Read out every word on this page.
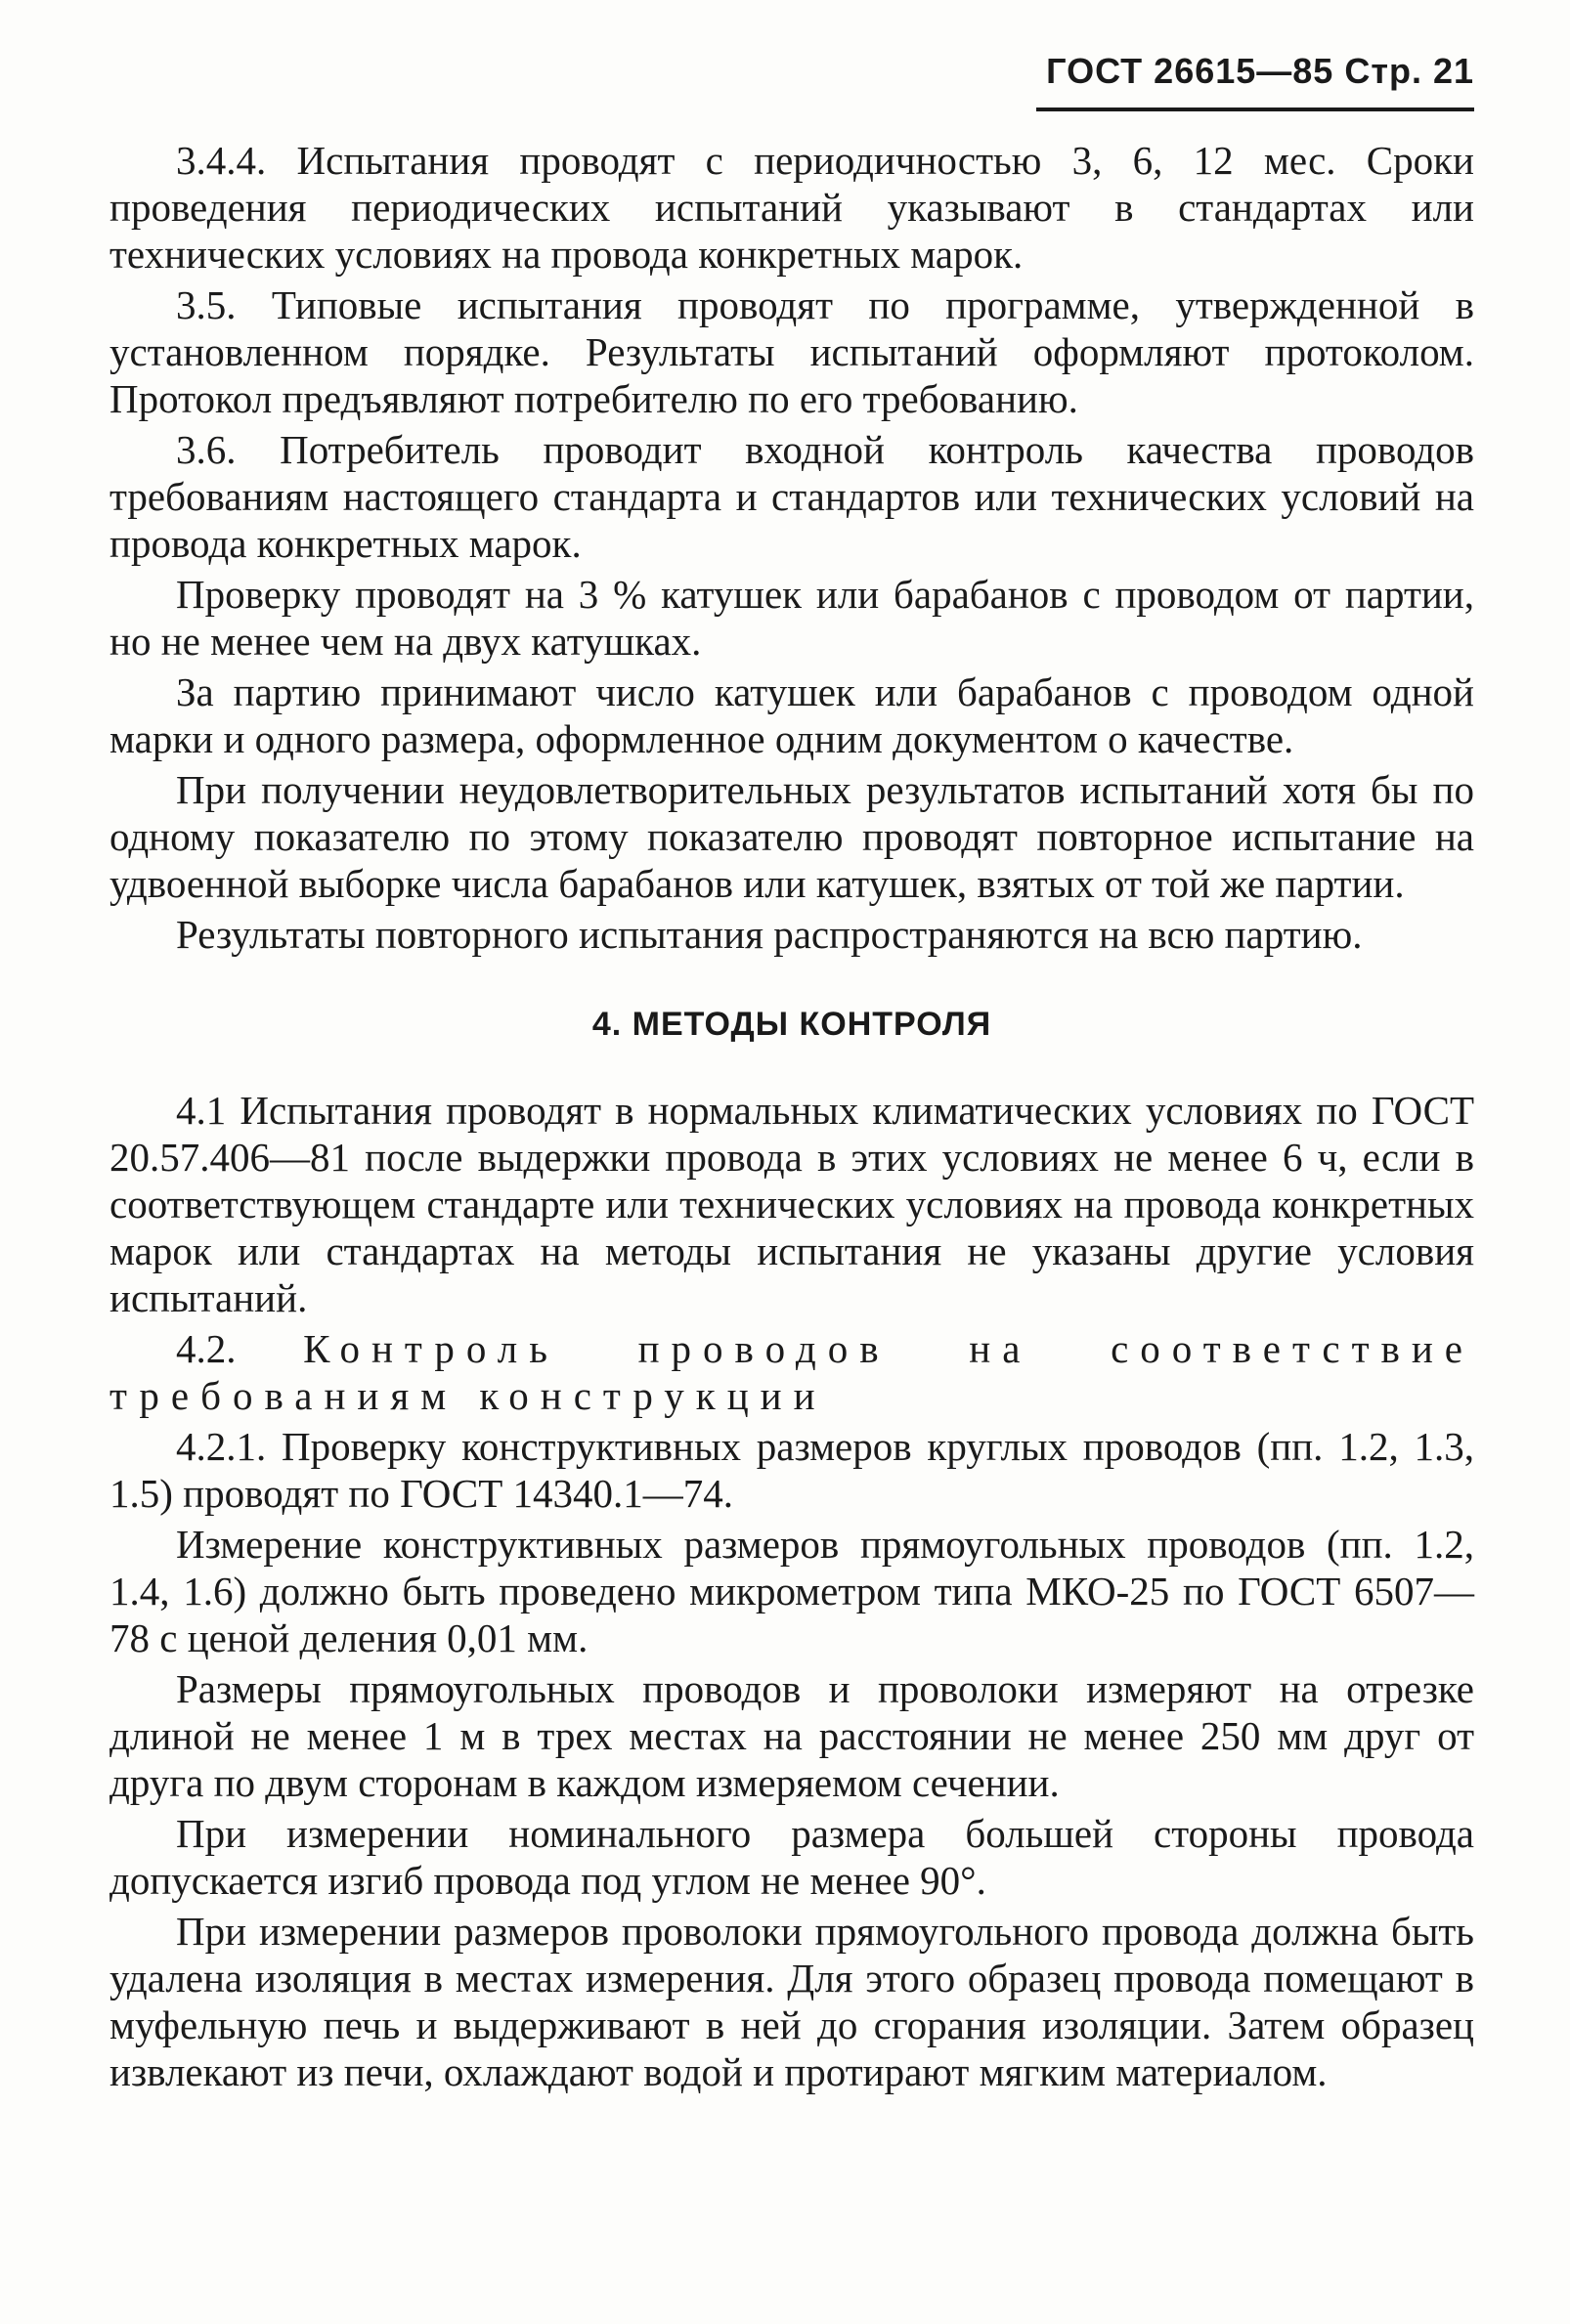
ГОСТ 26615—85 Стр. 21

3.4.4. Испытания проводят с периодичностью 3, 6, 12 мес. Сроки проведения периодических испытаний указывают в стандартах или технических условиях на провода конкретных марок.

3.5. Типовые испытания проводят по программе, утвержденной в установленном порядке. Результаты испытаний оформляют протоколом. Протокол предъявляют потребителю по его требованию.

3.6. Потребитель проводит входной контроль качества проводов требованиям настоящего стандарта и стандартов или технических условий на провода конкретных марок.

Проверку проводят на 3 % катушек или барабанов с проводом от партии, но не менее чем на двух катушках.

За партию принимают число катушек или барабанов с проводом одной марки и одного размера, оформленное одним документом о качестве.

При получении неудовлетворительных результатов испытаний хотя бы по одному показателю по этому показателю проводят повторное испытание на удвоенной выборке числа барабанов или катушек, взятых от той же партии.

Результаты повторного испытания распространяются на всю партию.

4. МЕТОДЫ КОНТРОЛЯ

4.1 Испытания проводят в нормальных климатических условиях по ГОСТ 20.57.406—81 после выдержки провода в этих условиях не менее 6 ч, если в соответствующем стандарте или технических условиях на провода конкретных марок или стандартах на методы испытания не указаны другие условия испытаний.

4.2. Контроль проводов на соответствие требованиям конструкции

4.2.1. Проверку конструктивных размеров круглых проводов (пп. 1.2, 1.3, 1.5) проводят по ГОСТ 14340.1—74.

Измерение конструктивных размеров прямоугольных проводов (пп. 1.2, 1.4, 1.6) должно быть проведено микрометром типа МКО-25 по ГОСТ 6507—78 с ценой деления 0,01 мм.

Размеры прямоугольных проводов и проволоки измеряют на отрезке длиной не менее 1 м в трех местах на расстоянии не менее 250 мм друг от друга по двум сторонам в каждом измеряемом сечении.

При измерении номинального размера большей стороны провода допускается изгиб провода под углом не менее 90°.

При измерении размеров проволоки прямоугольного провода должна быть удалена изоляция в местах измерения. Для этого образец провода помещают в муфельную печь и выдерживают в ней до сгорания изоляции. Затем образец извлекают из печи, охлаждают водой и протирают мягким материалом.
